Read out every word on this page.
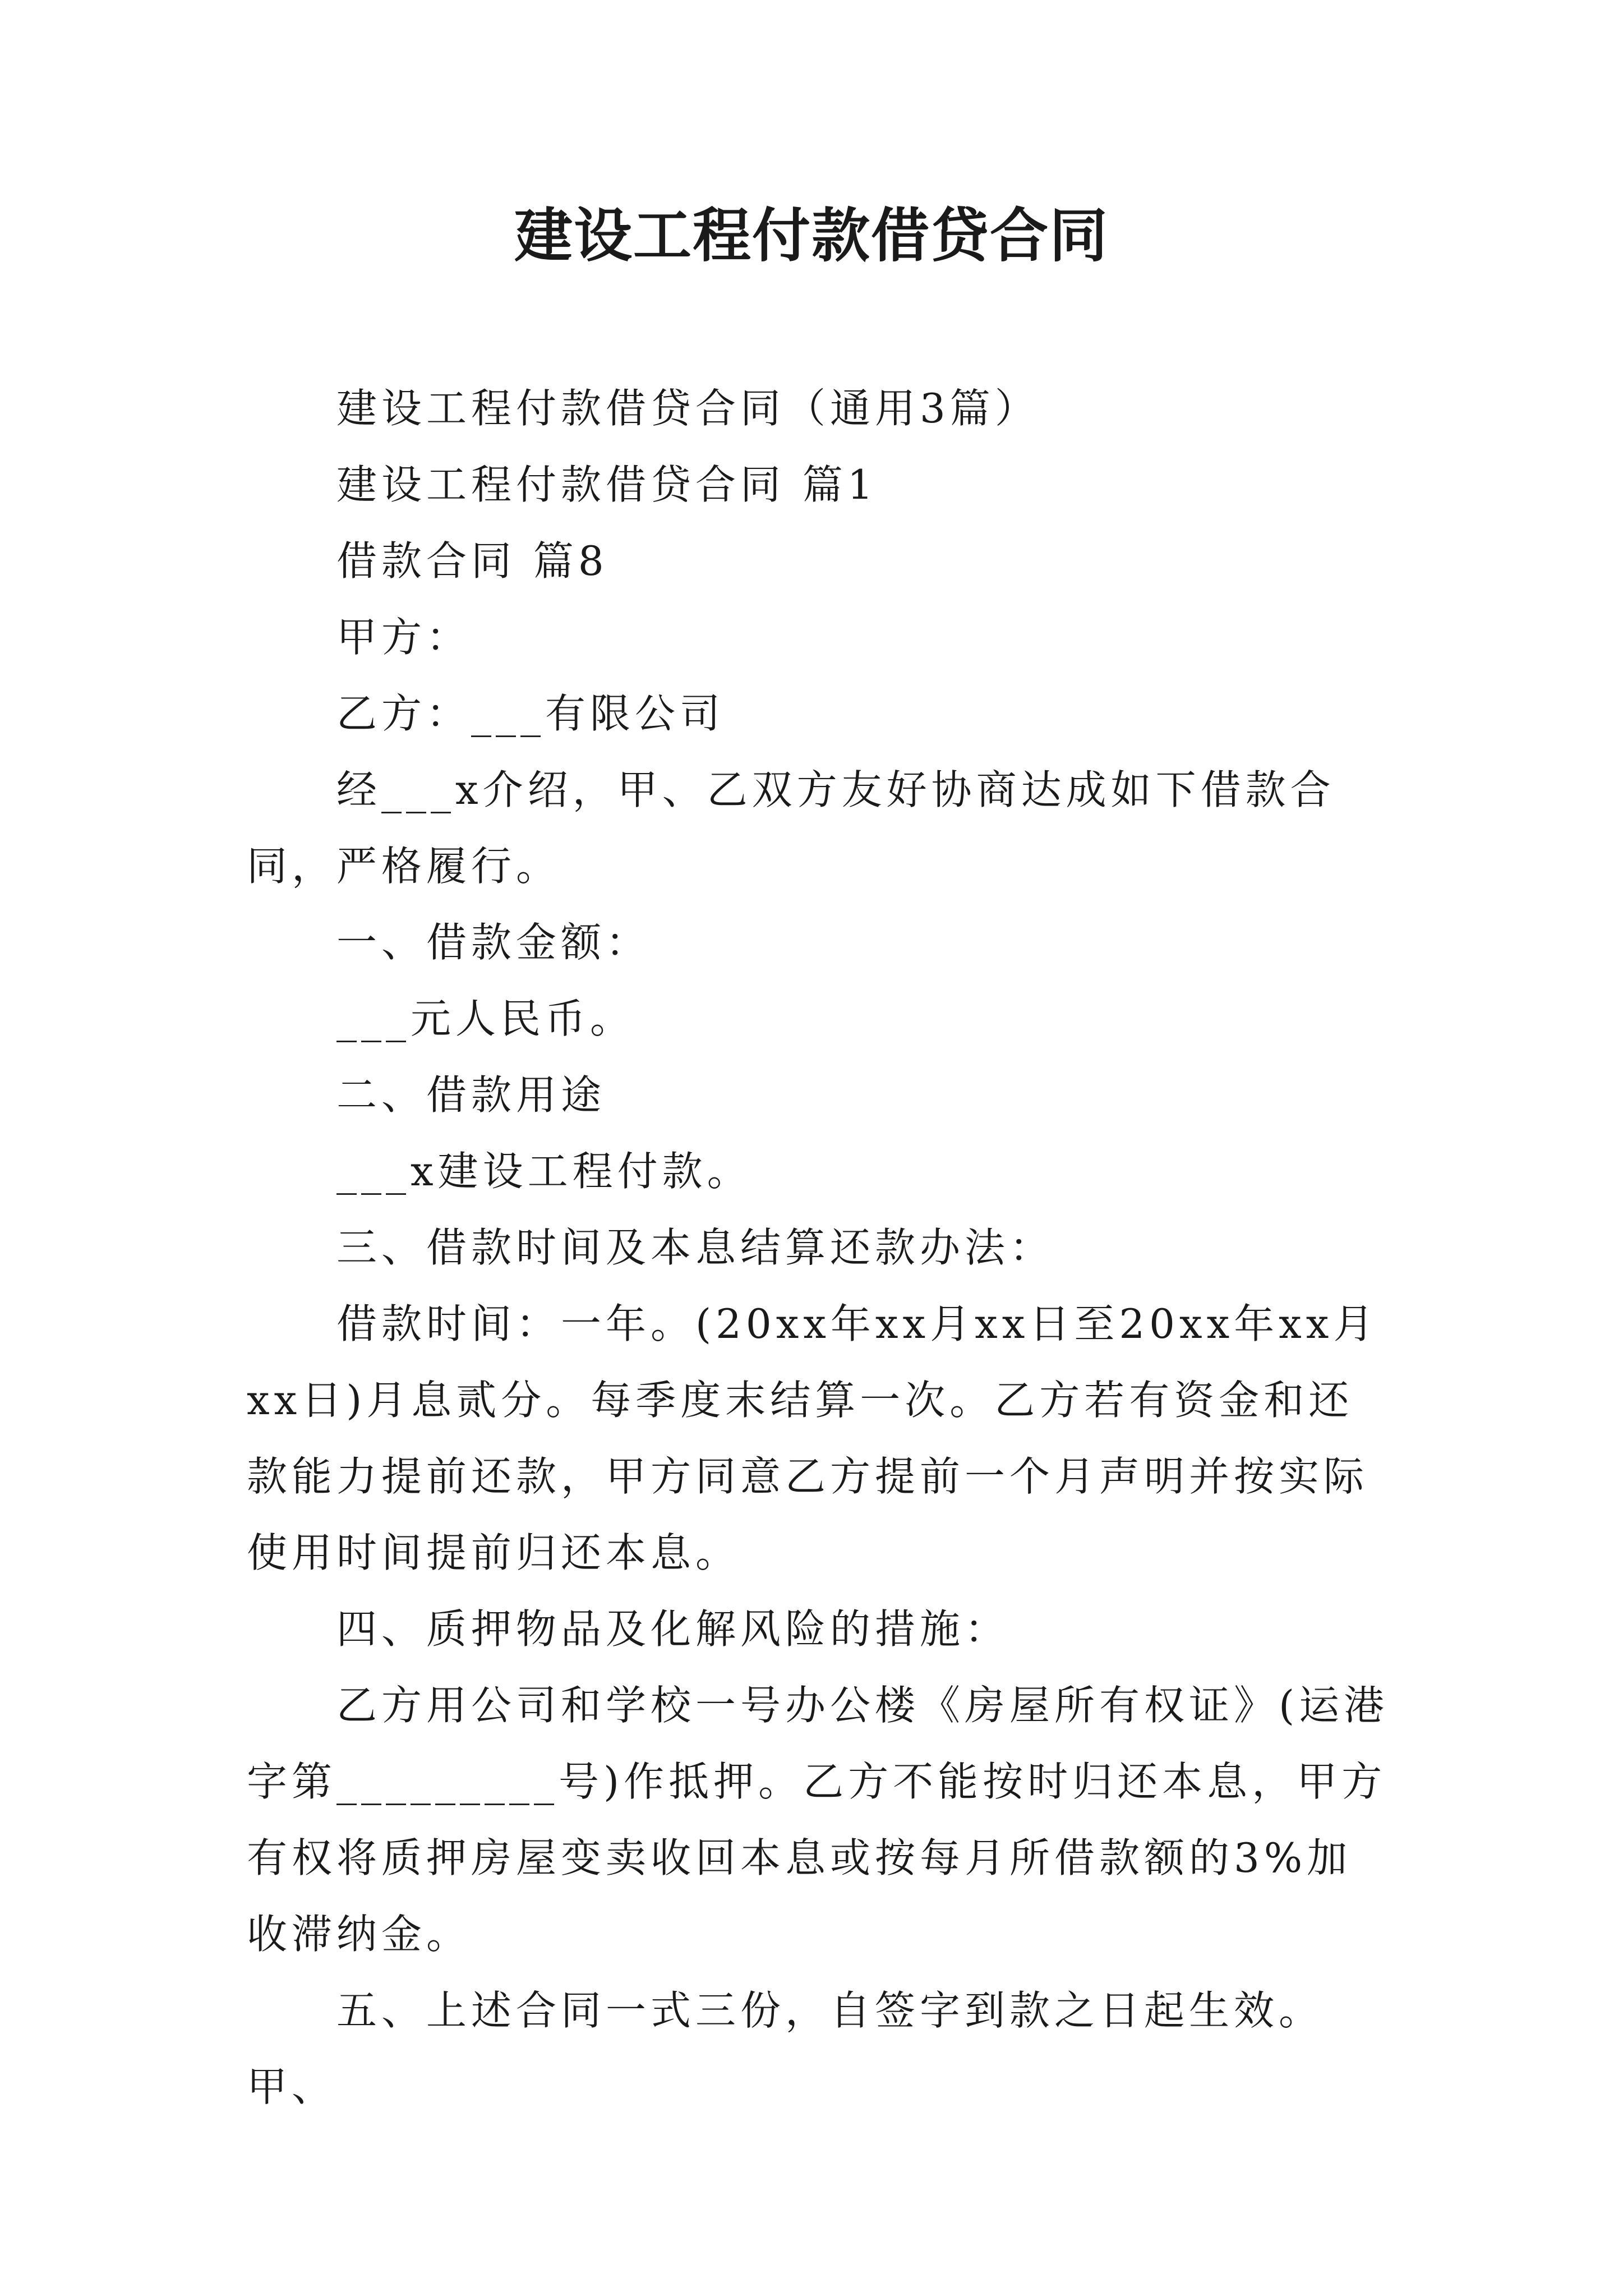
建设工程付款借贷合同

建设工程付款借贷合同（通用3篇）

建设工程付款借贷合同 篇1

借款合同 篇8

甲方：

乙方：___有限公司

经___x介绍，甲、乙双方友好协商达成如下借款合同，严格履行。

一、借款金额：

___元人民币。

二、借款用途

___x建设工程付款。

三、借款时间及本息结算还款办法：

借款时间：一年。(20xx年xx月xx日至20xx年xx月xx日)月息贰分。每季度末结算一次。乙方若有资金和还款能力提前还款，甲方同意乙方提前一个月声明并按实际使用时间提前归还本息。

四、质押物品及化解风险的措施：

乙方用公司和学校一号办公楼《房屋所有权证》(运港字第_________号)作抵押。乙方不能按时归还本息，甲方有权将质押房屋变卖收回本息或按每月所借款额的3%加收滞纳金。

五、上述合同一式三份，自签字到款之日起生效。甲、
